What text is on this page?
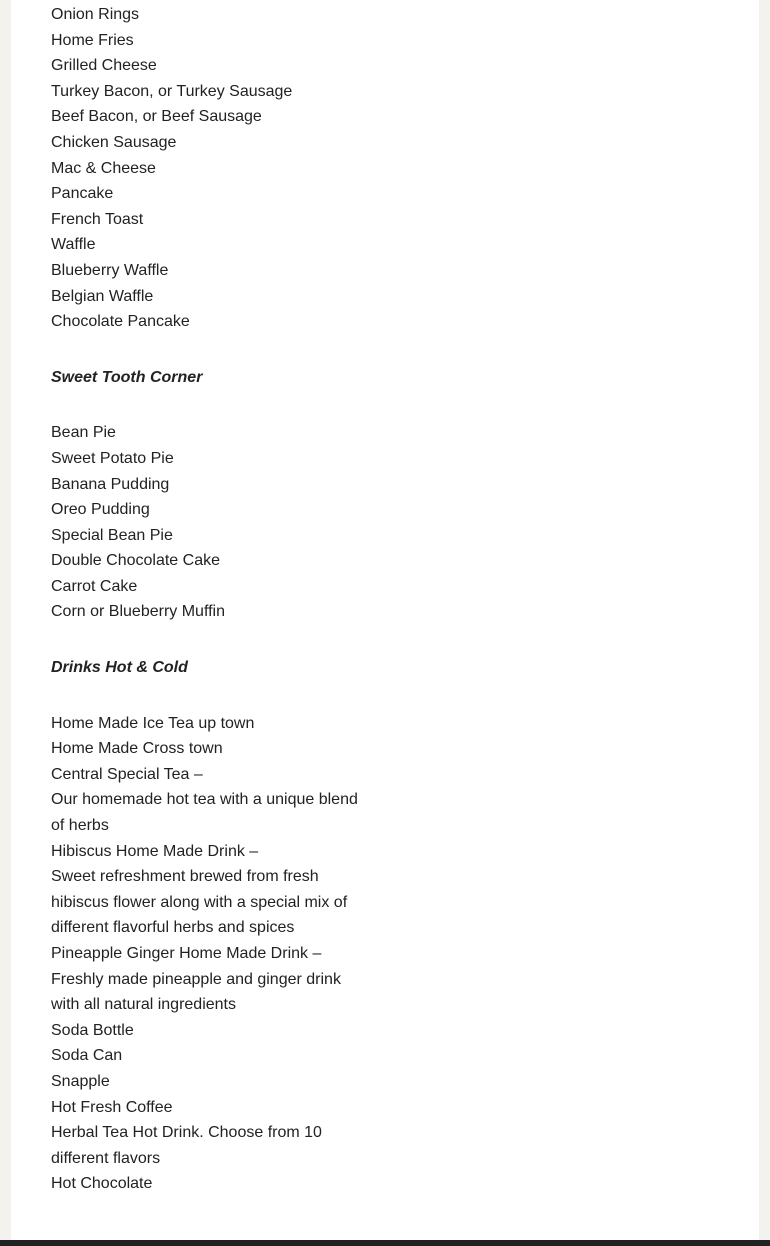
Onion Rings
Home Fries
Grilled Cheese
Turkey Bacon, or Turkey Sausage
Beef Bacon, or Beef Sausage
Chicken Sausage
Mac & Cheese
Pancake
French Toast
Waffle
Blueberry Waffle
Belgian Waffle
Chocolate Pancake
Sweet Tooth Corner
Bean Pie
Sweet Potato Pie
Banana Pudding
Oreo Pudding
Special Bean Pie
Double Chocolate Cake
Carrot Cake
Corn or Blueberry Muffin
Drinks Hot & Cold
Home Made Ice Tea up town
Home Made Cross town
Central Special Tea –
Our homemade hot tea with a unique blend of herbs
Hibiscus Home Made Drink –
Sweet refreshment brewed from fresh hibiscus flower along with a special mix of different flavorful herbs and spices
Pineapple Ginger Home Made Drink –
Freshly made pineapple and ginger drink with all natural ingredients
Soda Bottle
Soda Can
Snapple
Hot Fresh Coffee
Herbal Tea Hot Drink. Choose from 10 different flavors
Hot Chocolate
